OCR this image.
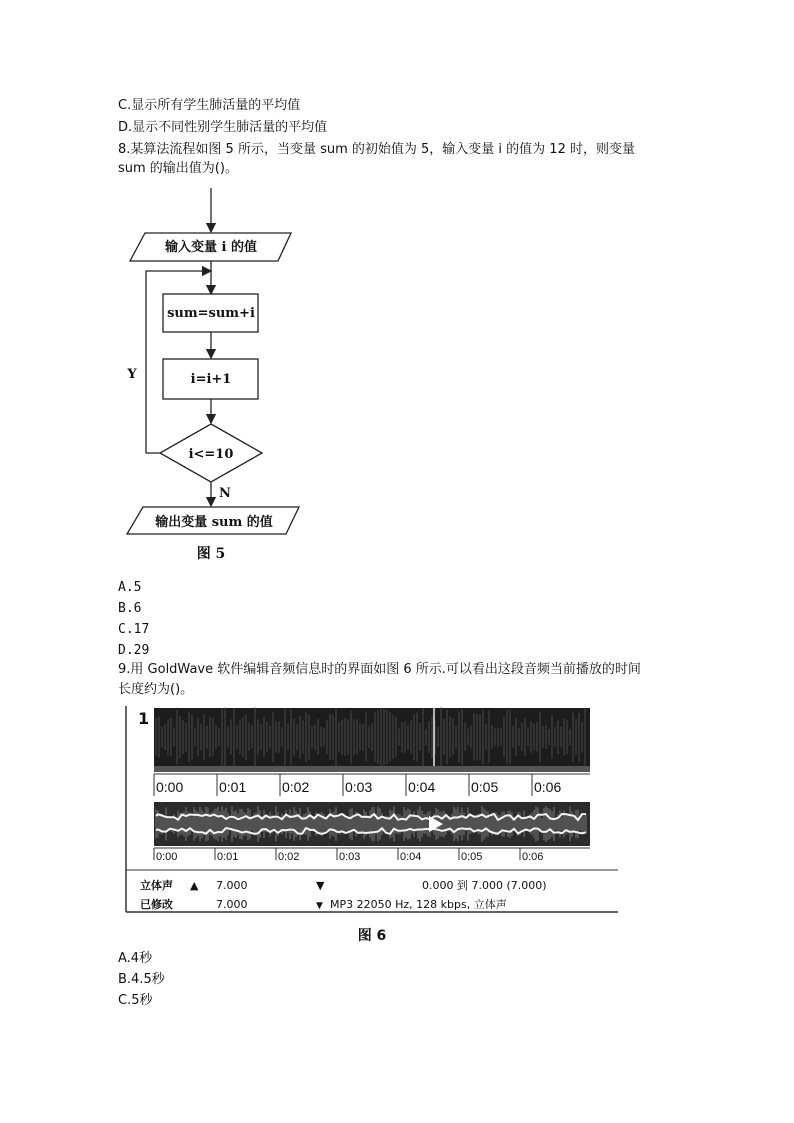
C.显示所有学生肺活量的平均值
D.显示不同性别学生肺活量的平均值
8.某算法流程如图 5 所示，当变量 sum 的初始值为 5，输入变量 i 的值为 12 时，则变量
sum 的输出值为()。
输入变量 i 的值
sum=sum+i
i=i+1
i<=10
Y
N
输出变量 sum 的值
图 5
A.5
B.6
C.17
D.29
9.用 GoldWave 软件编辑音频信息时的界面如图 6 所示.可以看出这段音频当前播放的时间
长度约为()。
1
0:00	0:01	0:02	0:03	0:04	0:05	0:06
0:00	0:01	0:02	0:03	0:04	0:05	0:06
立体声 ▲ 7.000	▼	0.000 到 7.000 (7.000)
已修改	7.000	▼ MP3 22050 Hz, 128 kbps, 立体声
图 6
A.4秒
B.4.5秒
C.5秒
